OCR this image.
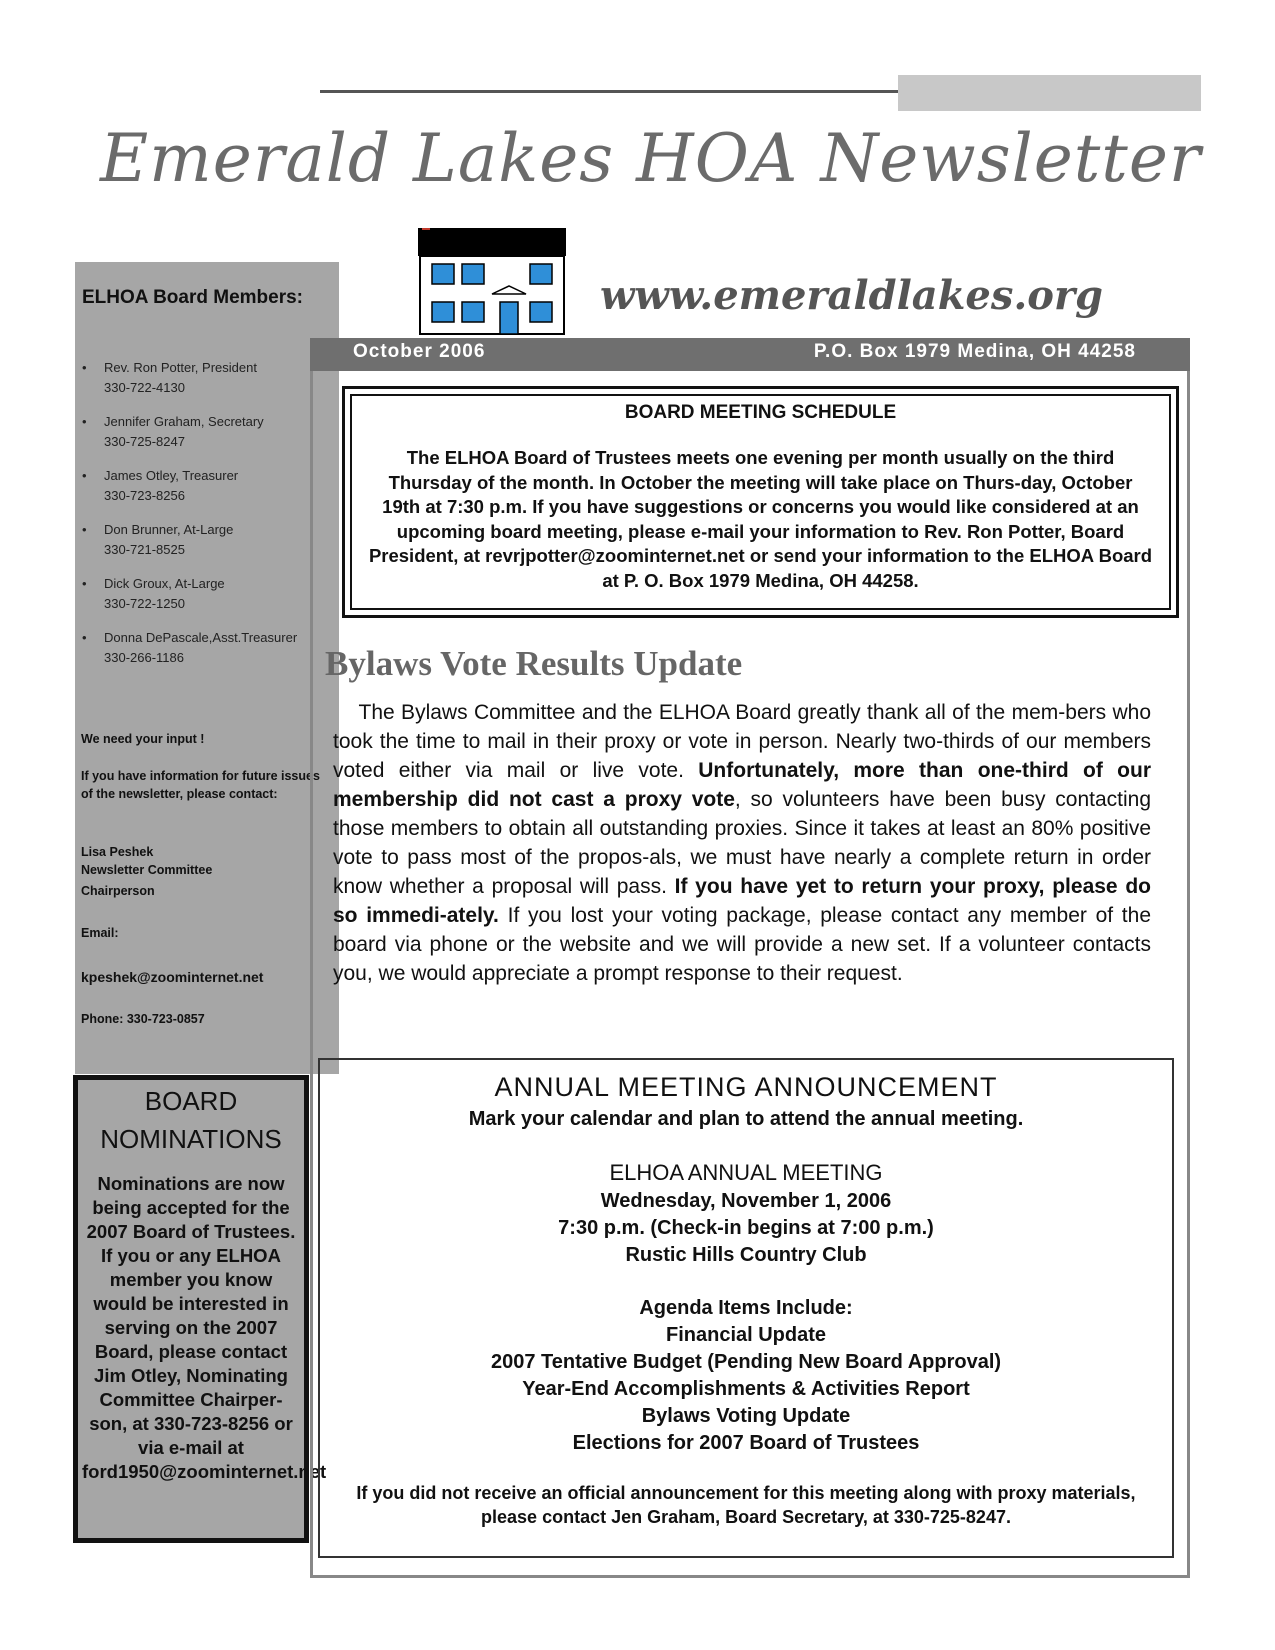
Emerald Lakes HOA Newsletter
www.emeraldlakes.org
ELHOA Board Members:
• Rev. Ron Potter, President
330-722-4130
• Jennifer Graham, Secretary
330-725-8247
• James Otley, Treasurer
330-723-8256
• Don Brunner, At-Large
330-721-8525
• Dick Groux, At-Large
330-722-1250
• Donna DePascale,Asst.Treasurer
330-266-1186
We need your input !
If you have information for future issues of the newsletter, please contact:
Lisa Peshek
Newsletter Committee
Chairperson
Email:
kpeshek@zoominternet.net
Phone: 330-723-0857
BOARD NOMINATIONS
Nominations are now being accepted for the 2007 Board of Trustees. If you or any ELHOA member you know would be interested in serving on the 2007 Board, please contact Jim Otley, Nominating Committee Chairper-son, at 330-723-8256 or via e-mail at ford1950@zoominternet.net
October 2006	P.O. Box 1979 Medina, OH 44258
BOARD MEETING SCHEDULE
The ELHOA Board of Trustees meets one evening per month usually on the third Thursday of the month. In October the meeting will take place on Thurs-day, October 19th at 7:30 p.m. If you have suggestions or concerns you would like considered at an upcoming board meeting, please e-mail your information to Rev. Ron Potter, Board President, at revrjpotter@zoominternet.net or send your information to the ELHOA Board at P. O. Box 1979 Medina, OH 44258.
Bylaws Vote Results Update
The Bylaws Committee and the ELHOA Board greatly thank all of the mem-bers who took the time to mail in their proxy or vote in person. Nearly two-thirds of our members voted either via mail or live vote. Unfortunately, more than one-third of our membership did not cast a proxy vote, so volunteers have been busy contacting those members to obtain all outstanding proxies. Since it takes at least an 80% positive vote to pass most of the propos-als, we must have nearly a complete return in order know whether a proposal will pass. If you have yet to return your proxy, please do so immedi-ately. If you lost your voting package, please contact any member of the board via phone or the website and we will provide a new set. If a volunteer contacts you, we would appreciate a prompt response to their request.
ANNUAL MEETING ANNOUNCEMENT
Mark your calendar and plan to attend the annual meeting.
ELHOA ANNUAL MEETING
Wednesday, November 1, 2006
7:30 p.m. (Check-in begins at 7:00 p.m.)
Rustic Hills Country Club
Agenda Items Include:
Financial Update
2007 Tentative Budget (Pending New Board Approval)
Year-End Accomplishments & Activities Report
Bylaws Voting Update
Elections for 2007 Board of Trustees
If you did not receive an official announcement for this meeting along with proxy materials, please contact Jen Graham, Board Secretary, at 330-725-8247.
